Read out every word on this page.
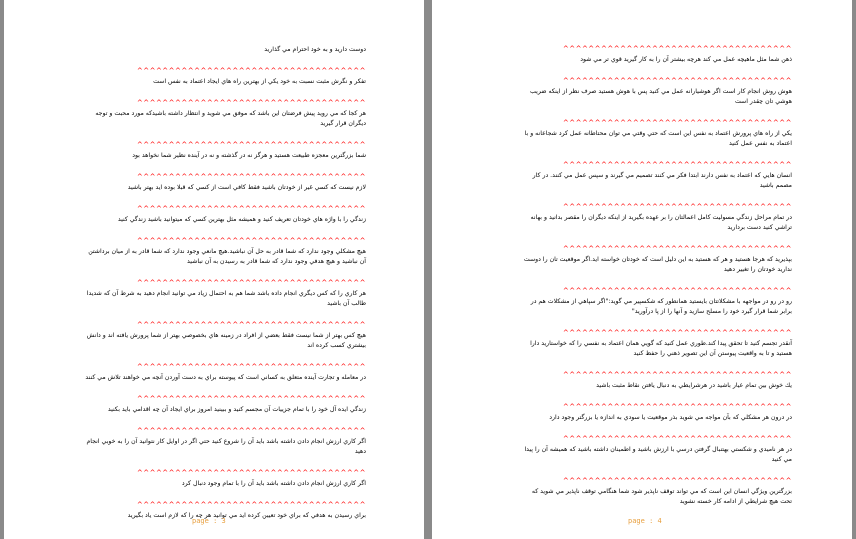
دوست داريد و به خود احترام مي گذاريد

^^^^^^^^^^^^^^^^^^^^^^^^^^^^^^^^^^^^

تفكر و نگرش مثبت نسبت به خود يكي از بهترين راه هاي ايجاد اعتماد به نفس است

^^^^^^^^^^^^^^^^^^^^^^^^^^^^^^^^^^^^

هر كجا كه مي رويد پيش فرضتان اين باشد كه موفق مي شويد و انتظار داشته باشيدكه مورد محبت و توجه ديگران قرار گيريد

^^^^^^^^^^^^^^^^^^^^^^^^^^^^^^^^^^^^

شما بزرگترين معجزه طبيعت هستيد و هرگز نه در گذشته و نه در آينده نظير شما نخواهد بود

^^^^^^^^^^^^^^^^^^^^^^^^^^^^^^^^^^^^

لازم نيست كه كسي غير از خودتان باشيد فقط كافي است از كسي كه قبلا بوده ايد بهتر باشيد

^^^^^^^^^^^^^^^^^^^^^^^^^^^^^^^^^^^^

زندگي را با واژه هاي خودتان تعريف كنيد و هميشه مثل بهترين كسي كه ميتوانيد باشيد زندگي كنيد

^^^^^^^^^^^^^^^^^^^^^^^^^^^^^^^^^^^^

هيچ مشكلي وجود ندارد كه شما قادر به حل آن نباشيد.هيچ مانعي وجود ندارد كه شما قادر به از ميان برداشتن آن نباشيد و هيچ هدفي وجود ندارد كه شما قادر به رسيدن به آن نباشيد

^^^^^^^^^^^^^^^^^^^^^^^^^^^^^^^^^^^^

هر كاري را كه كس ديگري انجام داده باشد شما هم به احتمال زياد مي توانيد انجام دهيد به شرط آن كه شديدا طالب آن باشيد

^^^^^^^^^^^^^^^^^^^^^^^^^^^^^^^^^^^^

هيچ كس بهتر از شما نيست فقط بعضي از افراد در زمينه هاي بخصوصي بهتر از شما پرورش يافته اند و دانش بيشتري كسب كرده اند

^^^^^^^^^^^^^^^^^^^^^^^^^^^^^^^^^^^^

در معامله و تجارت آينده متعلق به كساني است كه پيوسته براي به دست آوردن آنچه مي خواهند تلاش مي كنند

^^^^^^^^^^^^^^^^^^^^^^^^^^^^^^^^^^^^

زندگي ايده آل خود را با تمام جزييات آن مجسم كنيد و ببينيد امروز براي ايجاد آن چه اقدامي بايد بكنيد

^^^^^^^^^^^^^^^^^^^^^^^^^^^^^^^^^^^^

اگر كاري ارزش انجام دادن داشته باشد بايد آن را شروع كنيد حتي اگر در اوايل كار نتوانيد آن را به خوبي انجام دهيد

^^^^^^^^^^^^^^^^^^^^^^^^^^^^^^^^^^^^

اگر كاري ارزش انجام دادن داشته باشد بايد آن را با تمام وجود دنبال كرد

^^^^^^^^^^^^^^^^^^^^^^^^^^^^^^^^^^^^

براي رسيدن به هدفي كه براي خود تعيين كرده ايد مي توانيد هر چه را كه لازم است ياد بگيريد

page : 3
^^^^^^^^^^^^^^^^^^^^^^^^^^^^^^^^^^^^

ذهن شما مثل ماهيچه عمل مي كند هرچه بيشتر آن را به كار گيريد قوي تر مي شود

^^^^^^^^^^^^^^^^^^^^^^^^^^^^^^^^^^^^

هوش روش انجام كار است اگر هوشيارانه عمل مي كنيد پس با هوش هستيد صرف نظر از اينكه ضريب هوشي تان چقدر است

^^^^^^^^^^^^^^^^^^^^^^^^^^^^^^^^^^^^

يكي از راه هاي پرورش اعتماد به نفس اين است كه حتي وقتي مي توان محتاطانه عمل كرد شجاعانه و با اعتماد به نفس عمل كنيد

^^^^^^^^^^^^^^^^^^^^^^^^^^^^^^^^^^^^

انسان هايي كه اعتماد به نفس دارند ابتدا فكر مي كنند تصميم مي گيرند و سپس عمل مي كنند. در كار مصمم باشيد

^^^^^^^^^^^^^^^^^^^^^^^^^^^^^^^^^^^^

در تمام مراحل زندگي مسوليت كامل اعمالتان را بر عهده بگيريد از اينكه ديگران را مقصر بدانيد و بهانه تراشي كنيد دست برداريد

^^^^^^^^^^^^^^^^^^^^^^^^^^^^^^^^^^^^

بپذيريد كه هرجا هستيد و هر كه هستيد به اين دليل است كه خودتان خواسته ايد.اگر موقعيت تان را دوست نداريد خودتان را تغيير دهيد

^^^^^^^^^^^^^^^^^^^^^^^^^^^^^^^^^^^^

رو در رو در مواجهه با مشكلاتتان بايستيد همانطور كه شكسپير مي گويد:"اگر سپاهي از مشكلات هم در برابر شما قرار گيرد خود را مسلح سازيد و آنها را از پا درآوريد"

^^^^^^^^^^^^^^^^^^^^^^^^^^^^^^^^^^^^

آنقدر تجسم كنيد تا تحقق پيدا كند.طوري عمل كنيد كه گويي همان اعتماد به نفسي را كه خواستاريد دارا هستيد و تا به واقعيت پيوستن آن اين تصوير ذهني را حفظ كنيد

^^^^^^^^^^^^^^^^^^^^^^^^^^^^^^^^^^^^

يك خوش بين تمام عيار باشيد در هرشرايطي به دنبال يافتن نقاط مثبت باشيد

^^^^^^^^^^^^^^^^^^^^^^^^^^^^^^^^^^^^

در درون هر مشكلي كه بآن مواجه مي شويد بذر موقعيت يا سودي به اندازه يا بزرگتر وجود دارد

^^^^^^^^^^^^^^^^^^^^^^^^^^^^^^^^^^^^

در هر ناميدي و شكستي بهتنبال گرفتن درسي با ارزش باشيد و اطمينان داشته باشيد كه هميشه آن را پيدا مي كنيد

^^^^^^^^^^^^^^^^^^^^^^^^^^^^^^^^^^^^

بزرگترين ويژگي انسان اين است كه مي تواند توقف ناپذير شود شما هنگامي توقف ناپذير مي شويد كه تحت هيچ شرايطي از ادامه كار خسته نشويد

page : 4
